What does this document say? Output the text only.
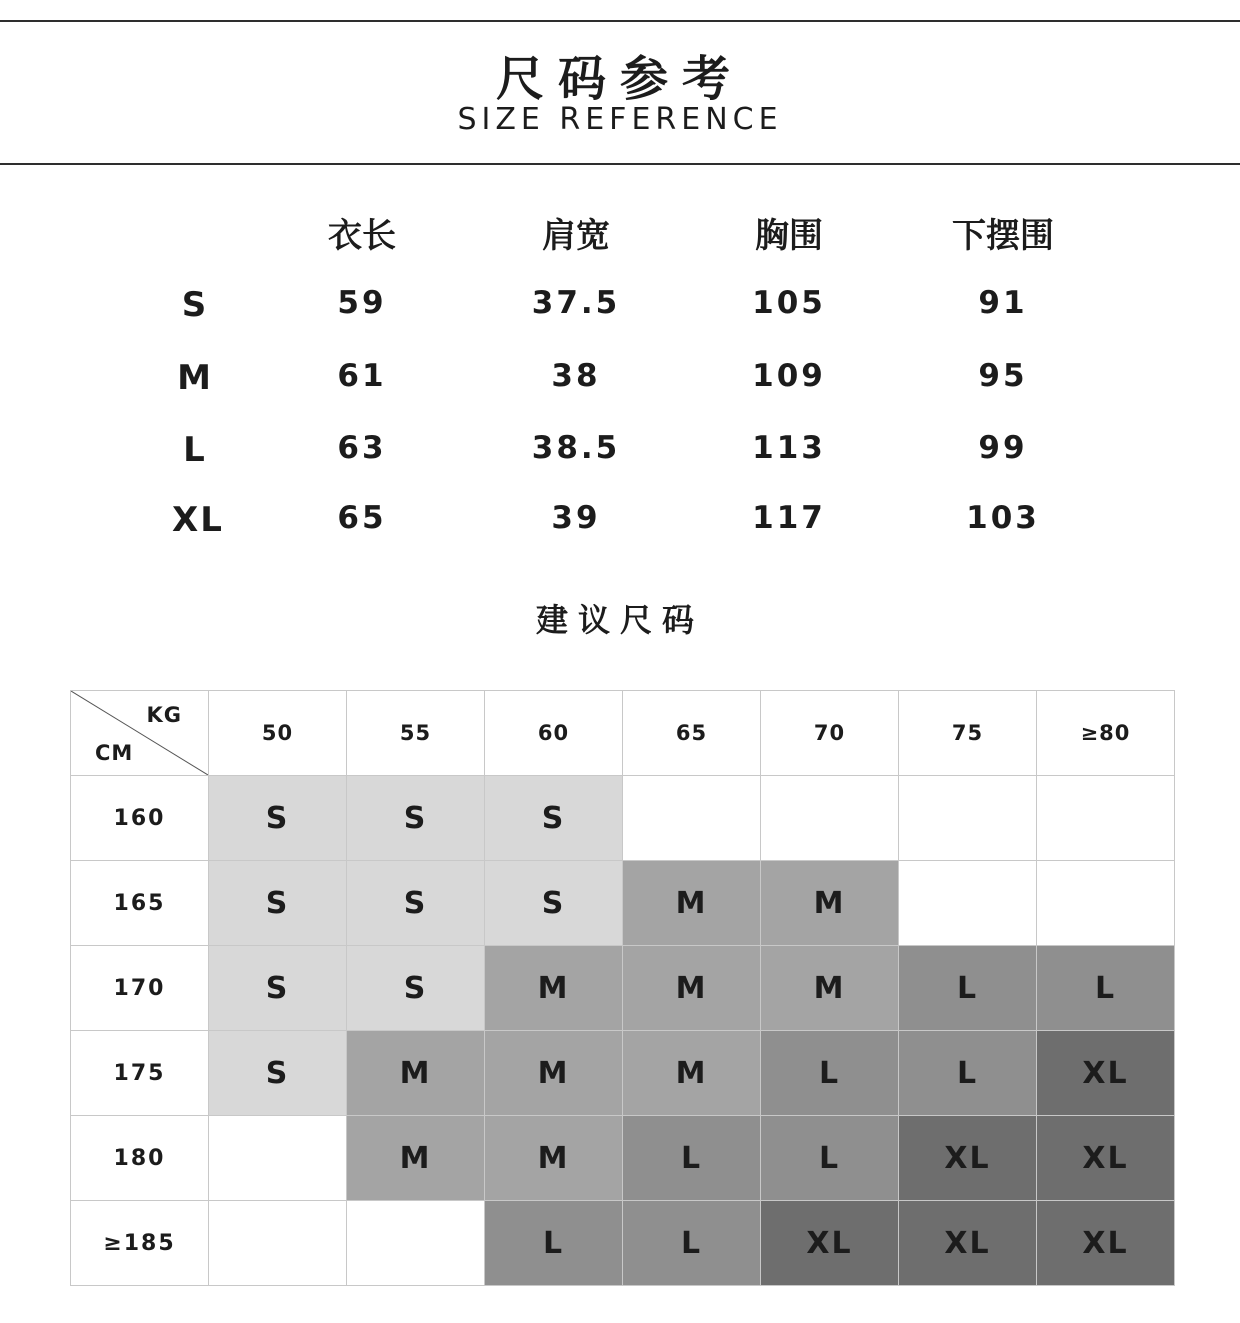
尺码参考
SIZE REFERENCE
衣长	肩宽	胸围	下摆围
S	59	37.5	105	91
M	61	38	109	95
L	63	38.5	113	99
XL	65	39	117	103
建议尺码
KG
CM	50	55	60	65	70	75	≥80
160	S	S	S				
165	S	S	S	M	M		
170	S	S	M	M	M	L	L
175	S	M	M	M	L	L	XL
180		M	M	L	L	XL	XL
≥185			L	L	XL	XL	XL
